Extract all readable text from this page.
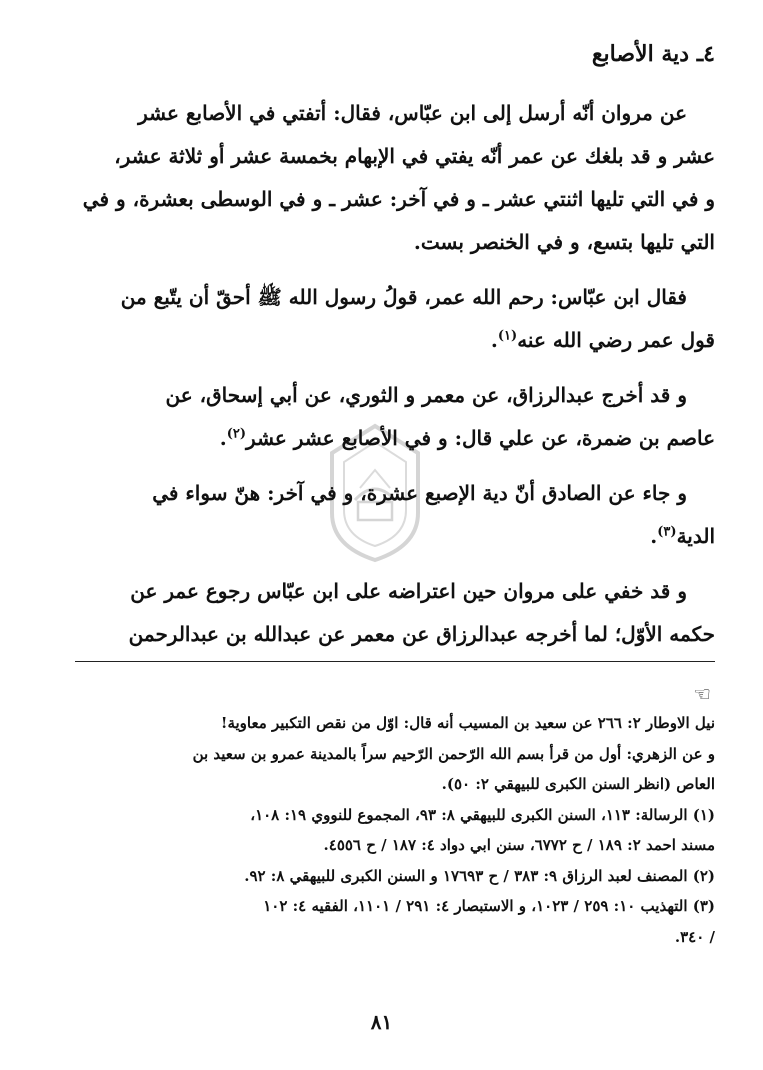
٤ـ دية الأصابع

عن مروان أنّه أرسل إلى ابن عبّاس، فقال: أتفتي في الأصابع عشر
عشر و قد بلغك عن عمر أنّه يفتي في الإبهام بخمسة عشر أو ثلاثة عشر،
و في التي تليها اثنتي عشر ـ و في آخر: عشر ـ و في الوسطى بعشرة، و في
التي تليها بتسع، و في الخنصر بست.

فقال ابن عبّاس: رحم الله عمر، قولُ رسول الله ﷺ أحقّ أن يتّبع من
قول عمر رضي الله عنه$^{(١)}$.

و قد أخرج عبدالرزاق، عن معمر و الثوري، عن أبي إسحاق، عن
عاصم بن ضمرة، عن علي قال: و في الأصابع عشر عشر$^{(٢)}$.

و جاء عن الصادق أنّ دية الإصبع عشرة، و في آخر: هنّ سواء في
الدية$^{(٣)}$.

و قد خفي على مروان حين اعتراضه على ابن عبّاس رجوع عمر عن
حكمه الأوّل؛ لما أخرجه عبدالرزاق عن معمر عن عبدالله بن عبدالرحمن

☞
نيل الاوطار ٢: ٢٦٦ عن سعيد بن المسيب أنه قال: اوّل من نقص التكبير معاوية!
و عن الزهري: أول من قرأ بسم الله الرّحمن الرّحيم سراً بالمدينة عمرو بن سعيد بن
العاص (انظر السنن الكبرى للبيهقي ٢: ٥٠).
(١) الرسالة: ١١٣، السنن الكبرى للبيهقي ٨: ٩٣، المجموع للنووي ١٩: ١٠٨،
مسند احمد ٢: ١٨٩ / ح ٦٧٧٢، سنن ابي دواد ٤: ١٨٧ / ح ٤٥٥٦.
(٢) المصنف لعبد الرزاق ٩: ٣٨٣ / ح ١٧٦٩٣ و السنن الكبرى للبيهقي ٨: ٩٢.
(٣) التهذيب ١٠: ٢٥٩ / ١٠٢٣، و الاستبصار ٤: ٢٩١ / ١١٠١، الفقيه ٤: ١٠٢
/ ٣٤٠.
٨١
